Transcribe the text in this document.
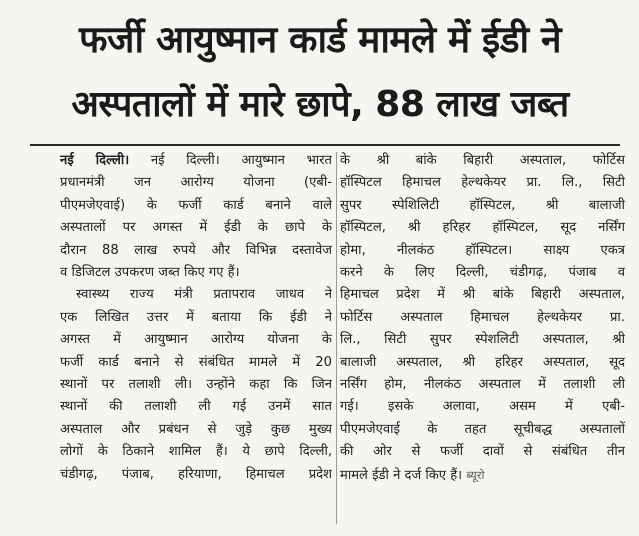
फर्जी आयुष्मान कार्ड मामले में ईडी ने
अस्पतालों में मारे छापे, 88 लाख जब्त
नई दिल्ली। नई दिल्ली। आयुष्मान भारत
प्रधानमंत्री जन आरोग्य योजना (एबी-
पीएमजेएवाई) के फर्जी कार्ड बनाने वाले
अस्पतालों पर अगस्त में ईडी के छापे के
दौरान 88 लाख रुपये और विभिन्न दस्तावेज
व डिजिटल उपकरण जब्त किए गए हैं।
स्वास्थ्य राज्य मंत्री प्रतापराव जाधव ने
एक लिखित उत्तर में बताया कि ईडी ने
अगस्त में आयुष्मान आरोग्य योजना के
फर्जी कार्ड बनाने से संबंधित मामले में 20
स्थानों पर तलाशी ली। उन्होंने कहा कि जिन
स्थानों की तलाशी ली गई उनमें सात
अस्पताल और प्रबंधन से जुड़े कुछ मुख्य
लोगों के ठिकाने शामिल हैं। ये छापे दिल्ली,
चंडीगढ़, पंजाब, हरियाणा, हिमाचल प्रदेश
के श्री बांके बिहारी अस्पताल, फोर्टिस
हॉस्पिटल हिमाचल हेल्थकेयर प्रा. लि., सिटी
सुपर स्पेशिलिटी हॉस्पिटल, श्री बालाजी
हॉस्पिटल, श्री हरिहर हॉस्पिटल, सूद नर्सिंग
होमा, नीलकंठ हॉस्पिटल। साक्ष्य एकत्र
करने के लिए दिल्ली, चंडीगढ़, पंजाब व
हिमाचल प्रदेश में श्री बांके बिहारी अस्पताल,
फोर्टिस अस्पताल हिमाचल हेल्थकेयर प्रा.
लि., सिटी सुपर स्पेशलिटी अस्पताल, श्री
बालाजी अस्पताल, श्री हरिहर अस्पताल, सूद
नर्सिंग होम, नीलकंठ अस्पताल में तलाशी ली
गई। इसके अलावा, असम में एबी-
पीएमजेएवाई के तहत सूचीबद्ध अस्पतालों
की ओर से फर्जी दावों से संबंधित तीन
मामले ईडी ने दर्ज किए हैं। ब्यूरो
